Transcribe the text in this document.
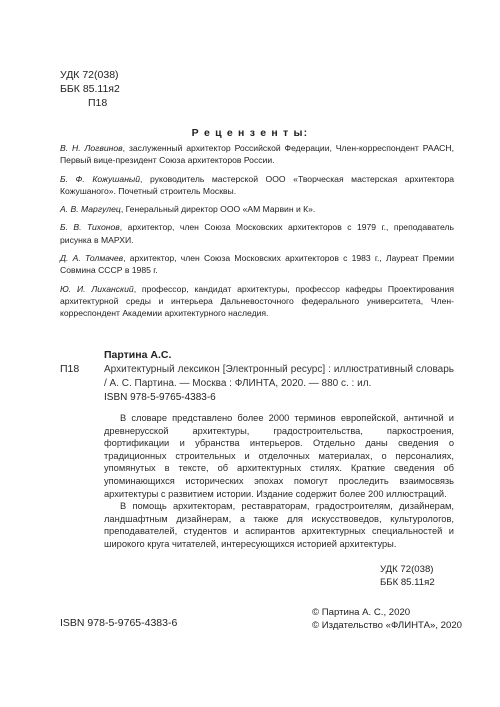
УДК 72(038)
ББК 85.11я2
П18
Р е ц е н з е н т ы:

В. Н. Логвинов, заслуженный архитектор Российской Федерации, Член-корреспондент РААСН, Первый вице-президент Союза архитекторов России.

Б. Ф. Кожушаный, руководитель мастерской ООО «Творческая мастерская архитектора Кожушаного». Почетный строитель Москвы.

А. В. Маргулец, Генеральный директор ООО «АМ Марвин и К».

Б. В. Тихонов, архитектор, член Союза Московских архитекторов с 1979 г., преподаватель рисунка в МАРХИ.

Д. А. Толмачев, архитектор, член Союза Московских архитекторов с 1983 г., Лауреат Премии Совмина СССР в 1985 г.

Ю. И. Лиханский, профессор, кандидат архитектуры, профессор кафедры Проектирования архитектурной среды и интерьера Дальневосточного федерального университета, Член-корреспондент Академии архитектурного наследия.

Партина А.С.
П18 Архитектурный лексикон [Электронный ресурс] : иллюстративный словарь / А. С. Партина. — Москва : ФЛИНТА, 2020. — 880 с. : ил.
ISBN 978-5-9765-4383-6

В словаре представлено более 2000 терминов европейской, античной и древнерусской архитектуры, градостроительства, паркостроения, фортификации и убранства интерьеров. Отдельно даны сведения о традиционных строительных и отделочных материалах, о персоналиях, упомянутых в тексте, об архитектурных стилях. Краткие сведения об упоминающихся исторических эпохах помогут проследить взаимосвязь архитектуры с развитием истории. Издание содержит более 200 иллюстраций.

В помощь архитекторам, реставраторам, градостроителям, дизайнерам, ландшафтным дизайнерам, а также для искусствоведов, культурологов, преподавателей, студентов и аспирантов архитектурных специальностей и широкого круга читателей, интересующихся историей архитектуры.

УДК 72(038)
ББК 85.11я2
ISBN 978-5-9765-4383-6
© Партина А. С., 2020
© Издательство «ФЛИНТА», 2020
